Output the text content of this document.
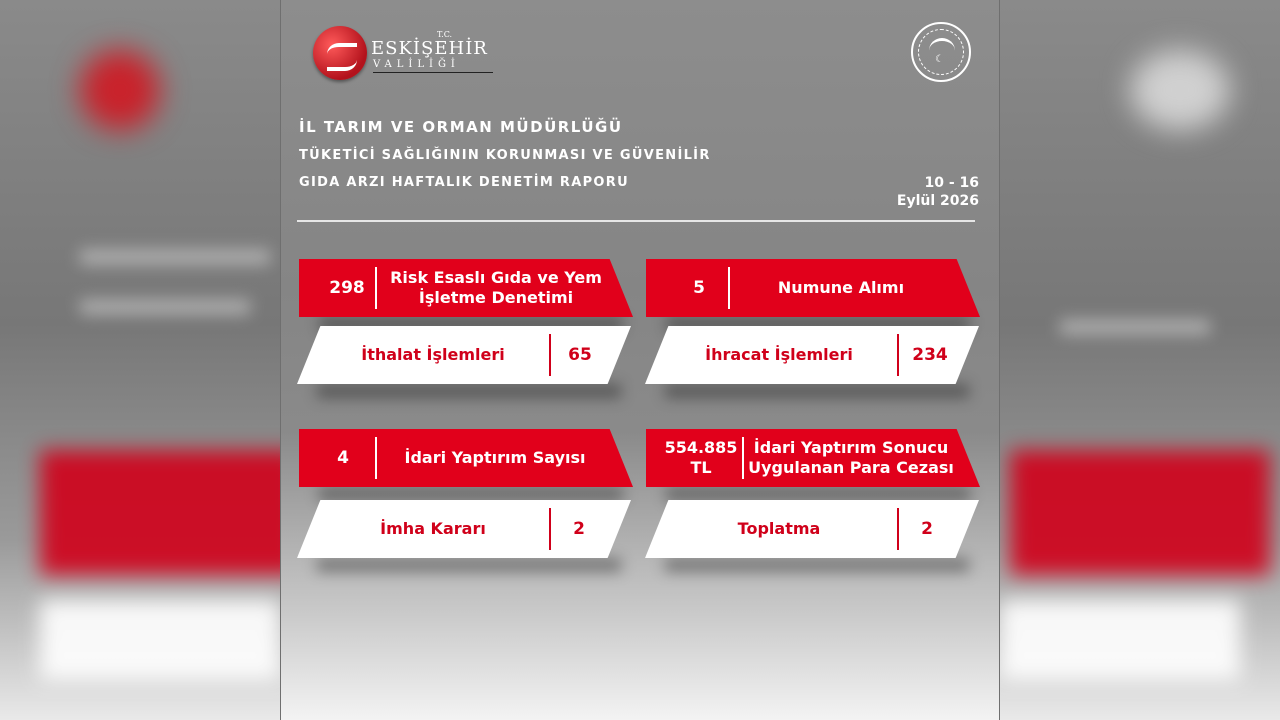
T.C.
ESKİŞEHİR
VALİLİĞİ	☾
İL TARIM VE ORMAN MÜDÜRLÜĞÜ
TÜKETİCİ SAĞLIĞININ KORUNMASI VE GÜVENİLİR
GIDA ARZI HAFTALIK DENETİM RAPORU	10 - 16
Eylül 2026
298
Risk Esaslı Gıda ve Yem İşletme Denetimi	5	Numune Alımı
İthalat İşlemleri	65	İhracat İşlemleri	234
4	İdari Yaptırım Sayısı
554.885 TL
İdari Yaptırım Sonucu Uygulanan Para Cezası
İmha Kararı	2	Toplatma	2
